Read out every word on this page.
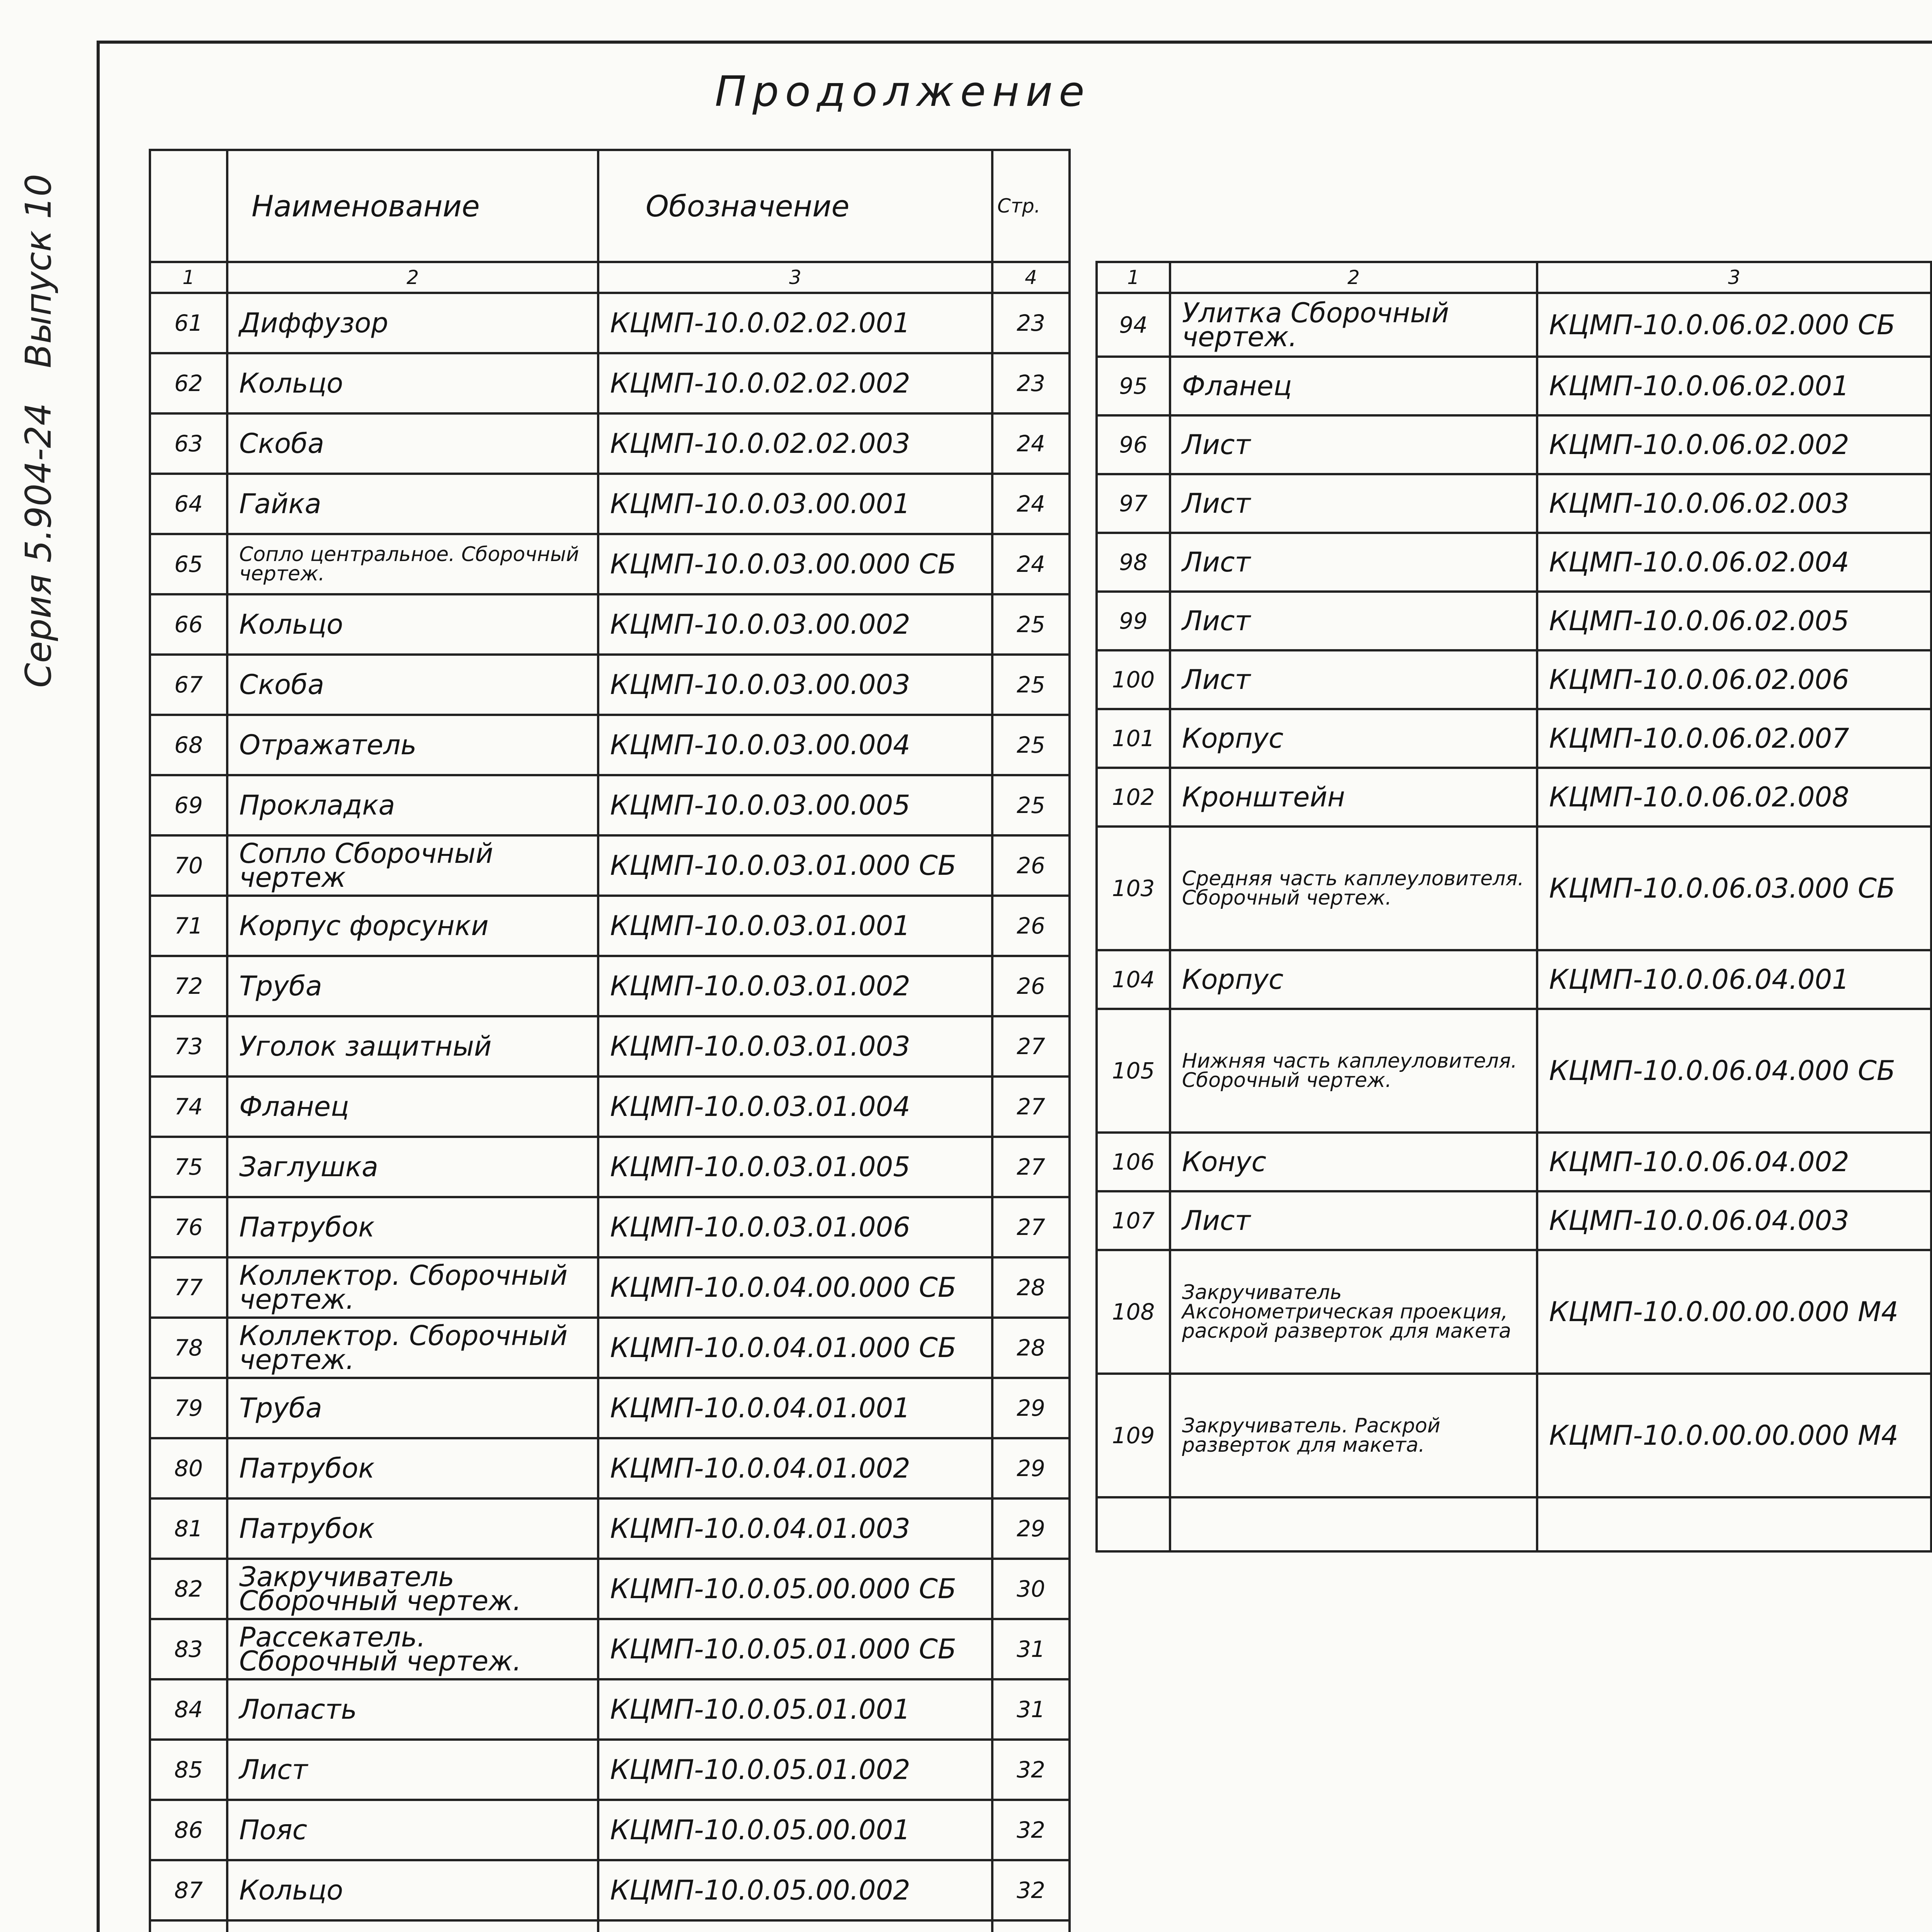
Серия 5.904-24
Выпуск 10
Продолжение
	Наименование	Обозначение	Стр.
1	2	3	4
61	Диффузор	КЦМП-10.0.02.02.001	23
62	Кольцо	КЦМП-10.0.02.02.002	23
63	Скоба	КЦМП-10.0.02.02.003	24
64	Гайка	КЦМП-10.0.03.00.001	24
65	Сопло центральное. Сборочный чертеж.	КЦМП-10.0.03.00.000 СБ	24
66	Кольцо	КЦМП-10.0.03.00.002	25
67	Скоба	КЦМП-10.0.03.00.003	25
68	Отражатель	КЦМП-10.0.03.00.004	25
69	Прокладка	КЦМП-10.0.03.00.005	25
70	Сопло Сборочный чертеж	КЦМП-10.0.03.01.000 СБ	26
71	Корпус форсунки	КЦМП-10.0.03.01.001	26
72	Труба	КЦМП-10.0.03.01.002	26
73	Уголок защитный	КЦМП-10.0.03.01.003	27
74	Фланец	КЦМП-10.0.03.01.004	27
75	Заглушка	КЦМП-10.0.03.01.005	27
76	Патрубок	КЦМП-10.0.03.01.006	27
77	Коллектор. Сборочный чертеж.	КЦМП-10.0.04.00.000 СБ	28
78	Коллектор. Сборочный чертеж.	КЦМП-10.0.04.01.000 СБ	28
79	Труба	КЦМП-10.0.04.01.001	29
80	Патрубок	КЦМП-10.0.04.01.002	29
81	Патрубок	КЦМП-10.0.04.01.003	29
82	Закручиватель Сборочный чертеж.	КЦМП-10.0.05.00.000 СБ	30
83	Рассекатель. Сборочный чертеж.	КЦМП-10.0.05.01.000 СБ	31
84	Лопасть	КЦМП-10.0.05.01.001	31
85	Лист	КЦМП-10.0.05.01.002	32
86	Пояс	КЦМП-10.0.05.00.001	32
87	Кольцо	КЦМП-10.0.05.00.002	32

1	2	3	
94	Улитка Сборочный чертеж.	КЦМП-10.0.06.02.000 СБ	
95	Фланец	КЦМП-10.0.06.02.001	
96	Лист	КЦМП-10.0.06.02.002	
97	Лист	КЦМП-10.0.06.02.003	
98	Лист	КЦМП-10.0.06.02.004	
99	Лист	КЦМП-10.0.06.02.005	
100	Лист	КЦМП-10.0.06.02.006	
101	Корпус	КЦМП-10.0.06.02.007	
102	Кронштейн	КЦМП-10.0.06.02.008	
103	Средняя часть каплеуловителя. Сборочный чертеж.	КЦМП-10.0.06.03.000 СБ	
104	Корпус	КЦМП-10.0.06.04.001	
105	Нижняя часть каплеуловителя. Сборочный чертеж.	КЦМП-10.0.06.04.000 СБ	
106	Конус	КЦМП-10.0.06.04.002	
107	Лист	КЦМП-10.0.06.04.003	
108	Закручиватель Аксонометрическая проекция, раскрой разверток для макета	КЦМП-10.0.00.00.000 М4	
109	Закручиватель. Раскрой разверток для макета.	КЦМП-10.0.00.00.000 М4	
